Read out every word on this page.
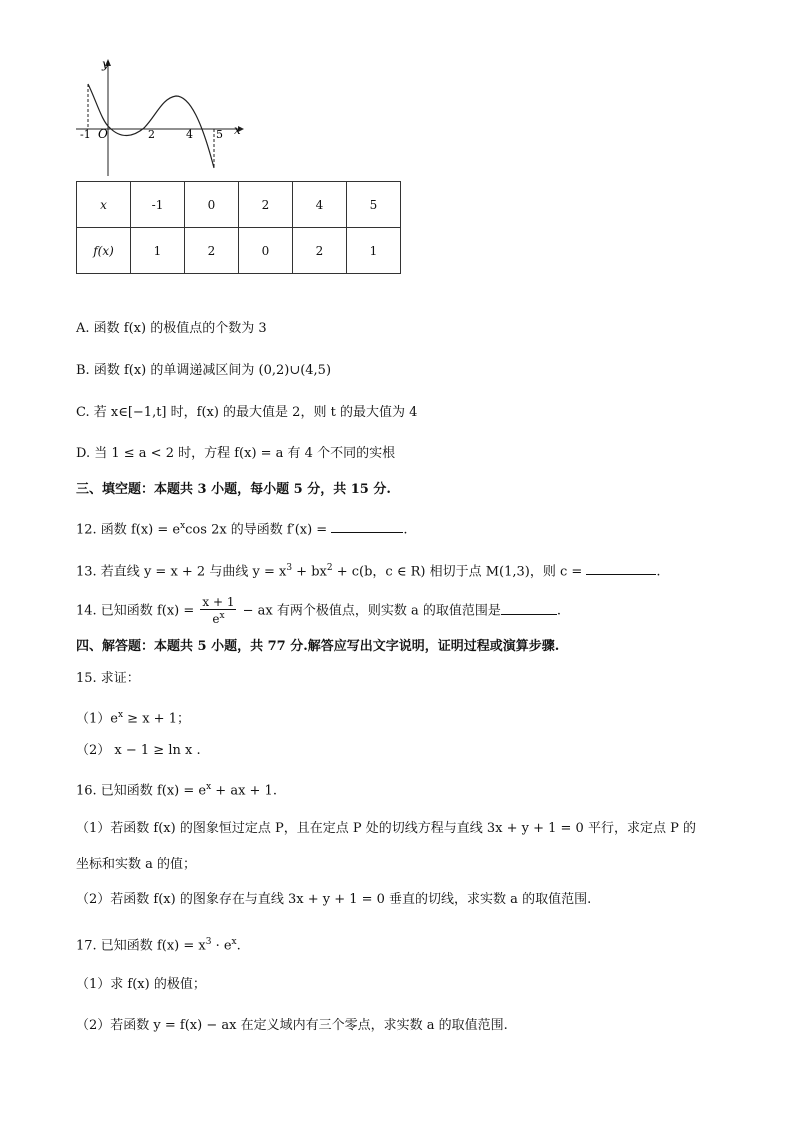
y
x
-1 O	2	4 5
x	-1	0	2	4	5
f(x)	1	2	0	2	1
A. 函数 f(x) 的极值点的个数为 3
B. 函数 f(x) 的单调递减区间为 (0,2)∪(4,5)
C. 若 x∈[−1,t] 时，f(x) 的最大值是 2，则 t 的最大值为 4
D. 当 1 ≤ a < 2 时，方程 f(x) = a 有 4 个不同的实根
三、填空题：本题共 3 小题，每小题 5 分，共 15 分.
12. 函数 $f(x) = e^x\cos$ 2x 的导函数 f′(x) =	.
13. 若直线 y = x + 2 与曲线 $y = x^3 + bx^2 + c(b$，c ∈ R) 相切于点 M(1,3)，则 c =	.
14. 已知函数 $f(x) = \frac{x + 1}{e^x}$ − ax 有两个极值点，则实数 a 的取值范围是	.
四、解答题：本题共 5 小题，共 77 分.解答应写出文字说明，证明过程或演算步骤.
15. 求证：
$(1)e^x \ge x + 1$；
（2） x − 1 ≥ ln x .
16. 已知函数 $f(x) = e^x$ + ax + 1.
（1）若函数 f(x) 的图象恒过定点 P，且在定点 P 处的切线方程与直线 3x + y + 1 = 0 平行，求定点 P 的
坐标和实数 a 的值；
（2）若函数 f(x) 的图象存在与直线 3x + y + 1 = 0 垂直的切线，求实数 a 的取值范围.
17. 已知函数 $f(x) = x^3 \cdot e^x$.
（1）求 f(x) 的极值；
（2）若函数 y = f(x) − ax 在定义域内有三个零点，求实数 a 的取值范围.
